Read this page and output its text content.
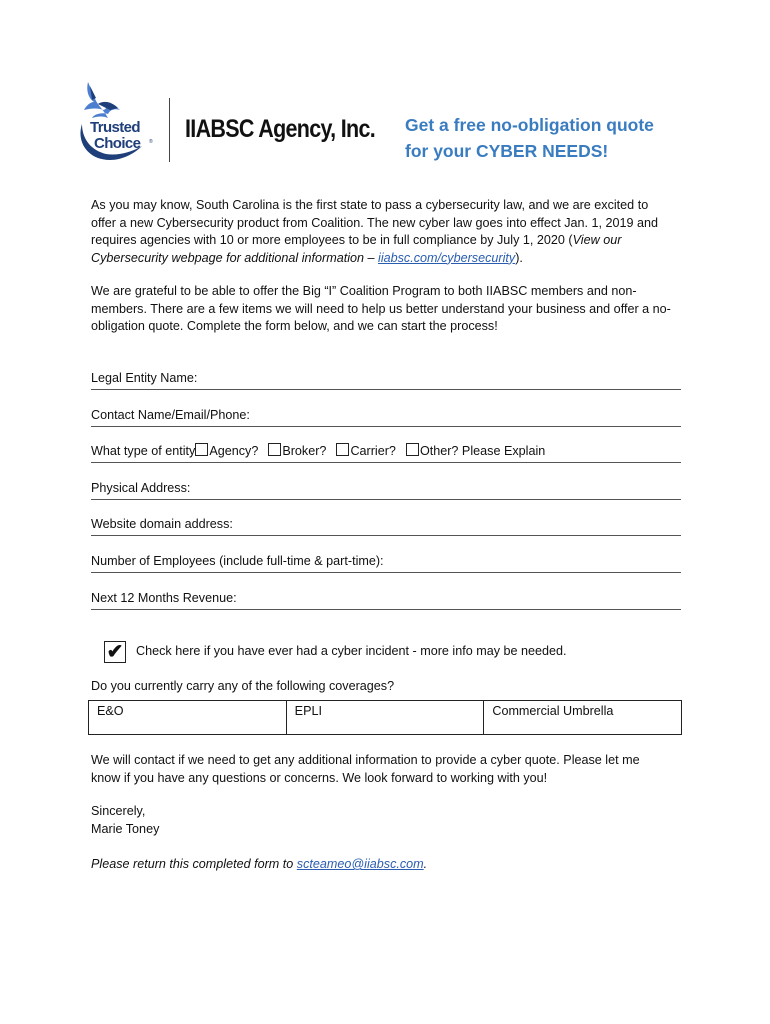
Trusted
Choice ® IIABSC Agency, Inc. Get a free no-obligation quote
for your CYBER NEEDS!
As you may know, South Carolina is the first state to pass a cybersecurity law, and we are excited to offer a new Cybersecurity product from Coalition. The new cyber law goes into effect Jan. 1, 2019 and requires agencies with 10 or more employees to be in full compliance by July 1, 2020 (View our Cybersecurity webpage for additional information – iiabsc.com/cybersecurity).
We are grateful to be able to offer the Big “I” Coalition Program to both IIABSC members and non-members. There are a few items we will need to help us better understand your business and offer a no-obligation quote. Complete the form below, and we can start the process!
Legal Entity Name:
Contact Name/Email/Phone:
What type of entity Agency? Broker? Carrier? Other? Please Explain
Physical Address:
Website domain address:
Number of Employees (include full-time & part-time):
Next 12 Months Revenue:
✔ Check here if you have ever had a cyber incident - more info may be needed.
Do you currently carry any of the following coverages?
E&O	EPLI	Commercial Umbrella
We will contact if we need to get any additional information to provide a cyber quote. Please let me know if you have any questions or concerns. We look forward to working with you!
Sincerely,
Marie Toney
Please return this completed form to scteameo@iiabsc.com.
